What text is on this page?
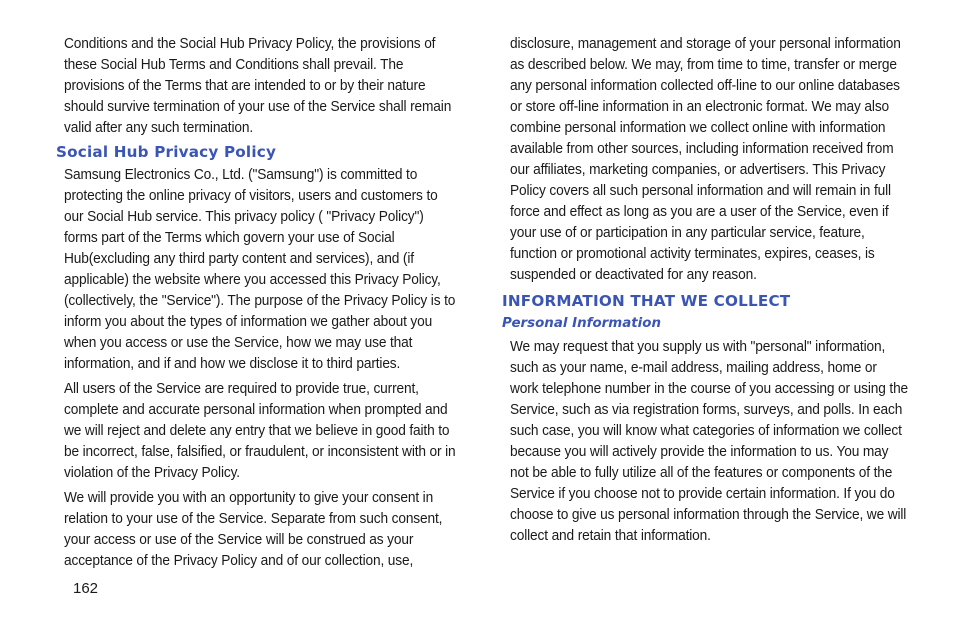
Conditions and the Social Hub Privacy Policy, the provisions of these Social Hub Terms and Conditions shall prevail. The provisions of the Terms that are intended to or by their nature should survive termination of your use of the Service shall remain valid after any such termination.

Social Hub Privacy Policy

Samsung Electronics Co., Ltd. ("Samsung") is committed to protecting the online privacy of visitors, users and customers to our Social Hub service. This privacy policy ( "Privacy Policy") forms part of the Terms which govern your use of Social Hub(excluding any third party content and services), and (if applicable) the website where you accessed this Privacy Policy, (collectively, the "Service"). The purpose of the Privacy Policy is to inform you about the types of information we gather about you when you access or use the Service, how we may use that information, and if and how we disclose it to third parties.

All users of the Service are required to provide true, current, complete and accurate personal information when prompted and we will reject and delete any entry that we believe in good faith to be incorrect, false, falsified, or fraudulent, or inconsistent with or in violation of the Privacy Policy.

We will provide you with an opportunity to give your consent in relation to your use of the Service. Separate from such consent, your access or use of the Service will be construed as your acceptance of the Privacy Policy and of our collection, use,

disclosure, management and storage of your personal information as described below. We may, from time to time, transfer or merge any personal information collected off-line to our online databases or store off-line information in an electronic format. We may also combine personal information we collect online with information available from other sources, including information received from our affiliates, marketing companies, or advertisers. This Privacy Policy covers all such personal information and will remain in full force and effect as long as you are a user of the Service, even if your use of or participation in any particular service, feature, function or promotional activity terminates, expires, ceases, is suspended or deactivated for any reason.

INFORMATION THAT WE COLLECT
Personal Information

We may request that you supply us with "personal" information, such as your name, e-mail address, mailing address, home or work telephone number in the course of you accessing or using the Service, such as via registration forms, surveys, and polls. In each such case, you will know what categories of information we collect because you will actively provide the information to us. You may not be able to fully utilize all of the features or components of the Service if you choose not to provide certain information. If you do choose to give us personal information through the Service, we will collect and retain that information.

162
